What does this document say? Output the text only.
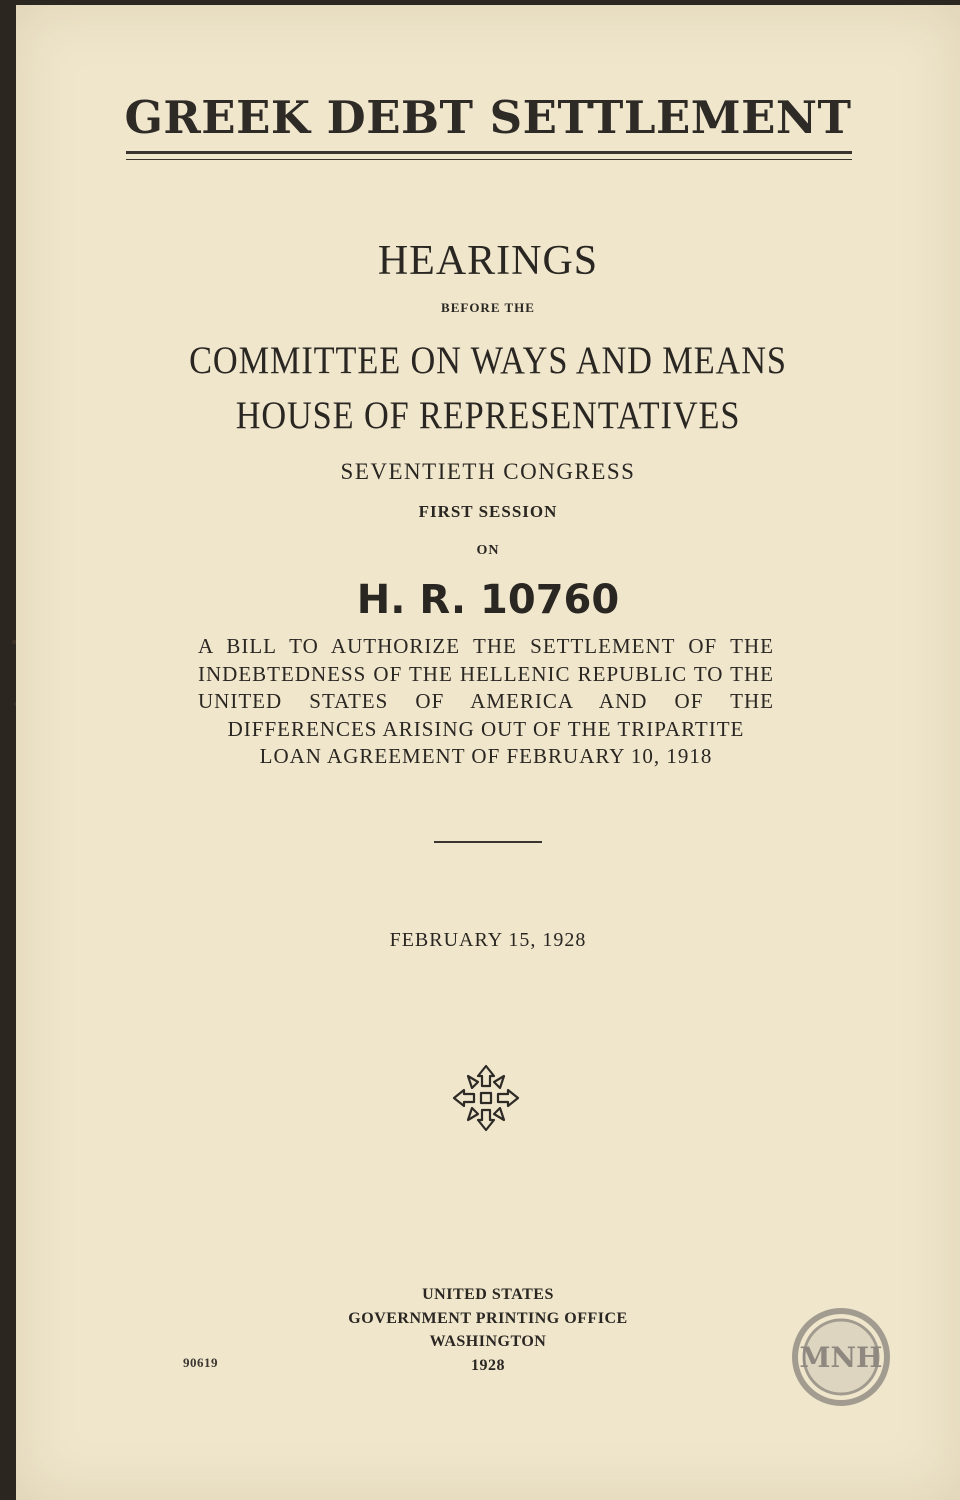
GREEK DEBT SETTLEMENT
HEARINGS
BEFORE THE
COMMITTEE ON WAYS AND MEANS
HOUSE OF REPRESENTATIVES
SEVENTIETH CONGRESS
FIRST SESSION
ON
H. R. 10760
A BILL TO AUTHORIZE THE SETTLEMENT OF THE INDEBTEDNESS OF THE HELLENIC REPUBLIC TO THE UNITED STATES OF AMERICA AND OF THE DIFFERENCES ARISING OUT OF THE TRIPARTITE
LOAN AGREEMENT OF FEBRUARY 10, 1918
FEBRUARY 15, 1928
UNITED STATES
GOVERNMENT PRINTING OFFICE
WASHINGTON
1928
90619	MNH
